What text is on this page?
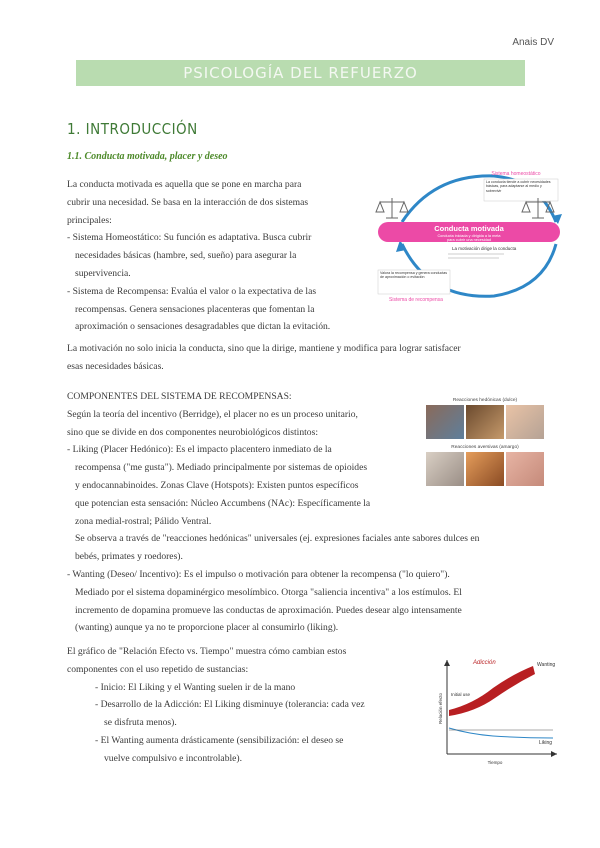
Anais DV
PSICOLOGÍA DEL REFUERZO
1. INTRODUCCIÓN
1.1. Conducta motivada, placer y deseo

La conducta motivada es aquella que se pone en marcha para

cubrir una necesidad. Se basa en la interacción de dos sistemas

principales:

- Sistema Homeostático: Su función es adaptativa. Busca cubrir

necesidades básicas (hambre, sed, sueño) para asegurar la

supervivencia.

- Sistema de Recompensa: Evalúa el valor o la expectativa de las

recompensas. Genera sensaciones placenteras que fomentan la

aproximación o sensaciones desagradables que dictan la evitación.

Conducta motivada
Conducta iniciada y dirigida a la meta
para cubrir una necesidad
Sistema homeostático
La conducta tiende a cubrir necesidades básicas, para adaptarse al medio y sobrevivir
La motivación dirige la conducta
Valora la recompensa y genera conductas de aproximación o evitación
Sistema de recompensa

La motivación no solo inicia la conducta, sino que la dirige, mantiene y modifica para lograr satisfacer

esas necesidades básicas.

COMPONENTES DEL SISTEMA DE RECOMPENSAS:

Según la teoría del incentivo (Berridge), el placer no es un proceso unitario,

sino que se divide en dos componentes neurobiológicos distintos:

- Liking (Placer Hedónico): Es el impacto placentero inmediato de la

recompensa ("me gusta"). Mediado principalmente por sistemas de opioides

y endocannabinoides. Zonas Clave (Hotspots): Existen puntos específicos

que potencian esta sensación: Núcleo Accumbens (NAc): Específicamente la

zona medial-rostral; Pálido Ventral.

Se observa a través de "reacciones hedónicas" universales (ej. expresiones faciales ante sabores dulces en

bebés, primates y roedores).

- Wanting (Deseo/ Incentivo): Es el impulso o motivación para obtener la recompensa ("lo quiero").

Mediado por el sistema dopaminérgico mesolímbico. Otorga "saliencia incentiva" a los estímulos. El

incremento de dopamina promueve las conductas de aproximación. Puedes desear algo intensamente

(wanting) aunque ya no te proporcione placer al consumirlo (liking).

Reacciones hedónicas (dulce)
Reacciones aversivas (amargo)

El gráfico de "Relación Efecto vs. Tiempo" muestra cómo cambian estos

componentes con el uso repetido de sustancias:

- Inicio: El Liking y el Wanting suelen ir de la mano

- Desarrollo de la Adicción: El Liking disminuye (tolerancia: cada vez

se disfruta menos).

- El Wanting aumenta drásticamente (sensibilización: el deseo se

vuelve compulsivo e incontrolable).

Adicción	Wanting
Initial use
Liking
Relación efecto
Tiempo
